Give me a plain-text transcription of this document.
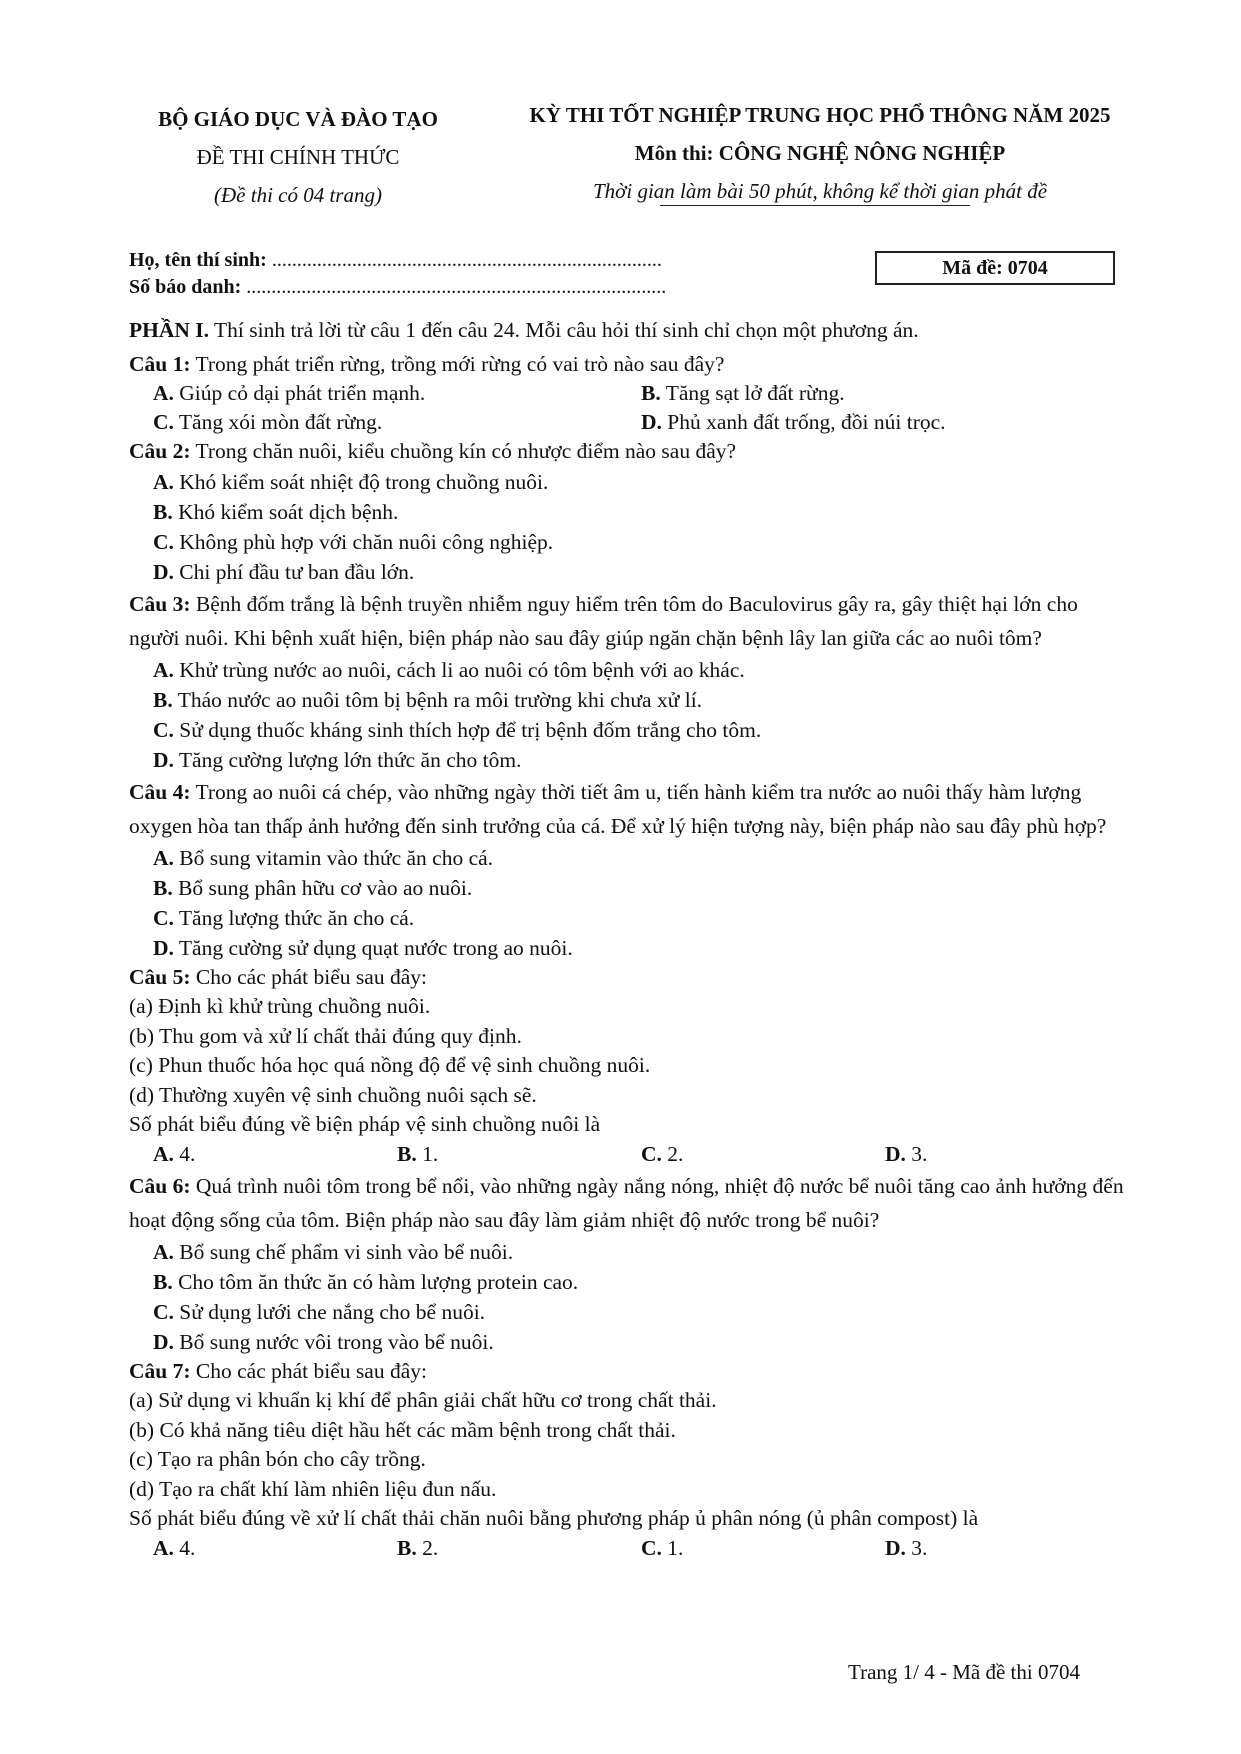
BỘ GIÁO DỤC VÀ ĐÀO TẠO
ĐỀ THI CHÍNH THỨC
(Đề thi có 04 trang)
KỲ THI TỐT NGHIỆP TRUNG HỌC PHỔ THÔNG NĂM 2025
Môn thi: CÔNG NGHỆ NÔNG NGHIỆP
Thời gian làm bài 50 phút, không kể thời gian phát đề
Họ, tên thí sinh: ..............................................................................
Số báo danh: ....................................................................................
Mã đề: 0704
PHẦN I. Thí sinh trả lời từ câu 1 đến câu 24. Mỗi câu hỏi thí sinh chỉ chọn một phương án.
Câu 1: Trong phát triển rừng, trồng mới rừng có vai trò nào sau đây?
A. Giúp cỏ dại phát triển mạnh.	B. Tăng sạt lở đất rừng.
C. Tăng xói mòn đất rừng.	D. Phủ xanh đất trống, đồi núi trọc.
Câu 2: Trong chăn nuôi, kiểu chuồng kín có nhược điểm nào sau đây?
A. Khó kiểm soát nhiệt độ trong chuồng nuôi.
B. Khó kiểm soát dịch bệnh.
C. Không phù hợp với chăn nuôi công nghiệp.
D. Chi phí đầu tư ban đầu lớn.
Câu 3: Bệnh đốm trắng là bệnh truyền nhiễm nguy hiểm trên tôm do Baculovirus gây ra, gây thiệt hại lớn cho người nuôi. Khi bệnh xuất hiện, biện pháp nào sau đây giúp ngăn chặn bệnh lây lan giữa các ao nuôi tôm?
A. Khử trùng nước ao nuôi, cách li ao nuôi có tôm bệnh với ao khác.
B. Tháo nước ao nuôi tôm bị bệnh ra môi trường khi chưa xử lí.
C. Sử dụng thuốc kháng sinh thích hợp để trị bệnh đốm trắng cho tôm.
D. Tăng cường lượng lớn thức ăn cho tôm.
Câu 4: Trong ao nuôi cá chép, vào những ngày thời tiết âm u, tiến hành kiểm tra nước ao nuôi thấy hàm lượng oxygen hòa tan thấp ảnh hưởng đến sinh trưởng của cá. Để xử lý hiện tượng này, biện pháp nào sau đây phù hợp?
A. Bổ sung vitamin vào thức ăn cho cá.
B. Bổ sung phân hữu cơ vào ao nuôi.
C. Tăng lượng thức ăn cho cá.
D. Tăng cường sử dụng quạt nước trong ao nuôi.
Câu 5: Cho các phát biểu sau đây:
(a) Định kì khử trùng chuồng nuôi.
(b) Thu gom và xử lí chất thải đúng quy định.
(c) Phun thuốc hóa học quá nồng độ để vệ sinh chuồng nuôi.
(d) Thường xuyên vệ sinh chuồng nuôi sạch sẽ.
Số phát biểu đúng về biện pháp vệ sinh chuồng nuôi là
A. 4.	B. 1.	C. 2.	D. 3.
Câu 6: Quá trình nuôi tôm trong bể nổi, vào những ngày nắng nóng, nhiệt độ nước bể nuôi tăng cao ảnh hưởng đến hoạt động sống của tôm. Biện pháp nào sau đây làm giảm nhiệt độ nước trong bể nuôi?
A. Bổ sung chế phẩm vi sinh vào bể nuôi.
B. Cho tôm ăn thức ăn có hàm lượng protein cao.
C. Sử dụng lưới che nắng cho bể nuôi.
D. Bổ sung nước vôi trong vào bể nuôi.
Câu 7: Cho các phát biểu sau đây:
(a) Sử dụng vi khuẩn kị khí để phân giải chất hữu cơ trong chất thải.
(b) Có khả năng tiêu diệt hầu hết các mầm bệnh trong chất thải.
(c) Tạo ra phân bón cho cây trồng.
(d) Tạo ra chất khí làm nhiên liệu đun nấu.
Số phát biểu đúng về xử lí chất thải chăn nuôi bằng phương pháp ủ phân nóng (ủ phân compost) là
A. 4.	B. 2.	C. 1.	D. 3.
Trang 1/ 4 - Mã đề thi 0704
